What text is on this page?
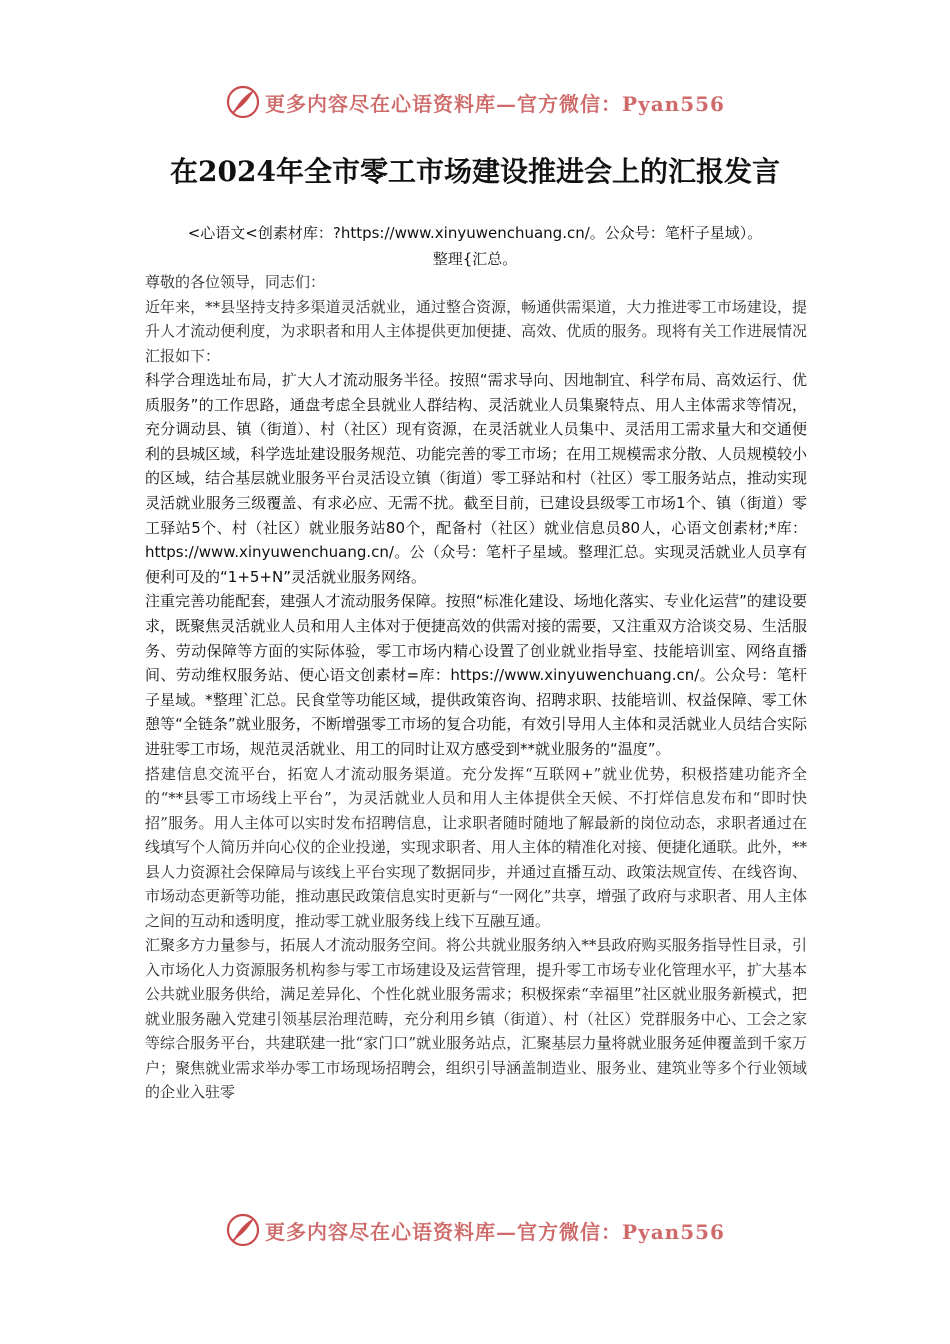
更多内容尽在心语资料库—官方微信：Pyan556
在2024年全市零工市场建设推进会上的汇报发言
<心语文<创素材库：?https://www.xinyuwenchuang.cn/。公众号：笔杆子星域）。
整理{汇总。

尊敬的各位领导，同志们：

近年来，**县坚持支持多渠道灵活就业，通过整合资源，畅通供需渠道，大力推进零工市场建设，提升人才流动便利度，为求职者和用人主体提供更加便捷、高效、优质的服务。现将有关工作进展情况汇报如下：

科学合理选址布局，扩大人才流动服务半径。按照“需求导向、因地制宜、科学布局、高效运行、优质服务”的工作思路，通盘考虑全县就业人群结构、灵活就业人员集聚特点、用人主体需求等情况，充分调动县、镇（街道）、村（社区）现有资源，在灵活就业人员集中、灵活用工需求量大和交通便利的县城区域，科学选址建设服务规范、功能完善的零工市场；在用工规模需求分散、人员规模较小的区域，结合基层就业服务平台灵活设立镇（街道）零工驿站和村（社区）零工服务站点，推动实现灵活就业服务三级覆盖、有求必应、无需不扰。截至目前，已建设县级零工市场1个、镇（街道）零工驿站5个、村（社区）就业服务站80个，配备村（社区）就业信息员80人，心语文创素材;*库：https://www.xinyuwenchuang.cn/。公（众号：笔杆子星域。整理汇总。实现灵活就业人员享有便利可及的“1+5+N”灵活就业服务网络。

注重完善功能配套，建强人才流动服务保障。按照“标准化建设、场地化落实、专业化运营”的建设要求，既聚焦灵活就业人员和用人主体对于便捷高效的供需对接的需要，又注重双方洽谈交易、生活服务、劳动保障等方面的实际体验，零工市场内精心设置了创业就业指导室、技能培训室、网络直播间、劳动维权服务站、便心语文创素材=库：https://www.xinyuwenchuang.cn/。公众号：笔杆子星域。*整理`汇总。民食堂等功能区域，提供政策咨询、招聘求职、技能培训、权益保障、零工休憩等“全链条”就业服务，不断增强零工市场的复合功能，有效引导用人主体和灵活就业人员结合实际进驻零工市场，规范灵活就业、用工的同时让双方感受到**就业服务的“温度”。

搭建信息交流平台，拓宽人才流动服务渠道。充分发挥“互联网+”就业优势，积极搭建功能齐全的“**县零工市场线上平台”，为灵活就业人员和用人主体提供全天候、不打烊信息发布和“即时快招”服务。用人主体可以实时发布招聘信息，让求职者随时随地了解最新的岗位动态，求职者通过在线填写个人简历并向心仪的企业投递，实现求职者、用人主体的精准化对接、便捷化通联。此外，**县人力资源社会保障局与该线上平台实现了数据同步，并通过直播互动、政策法规宣传、在线咨询、市场动态更新等功能，推动惠民政策信息实时更新与“一网化”共享，增强了政府与求职者、用人主体之间的互动和透明度，推动零工就业服务线上线下互融互通。

汇聚多方力量参与，拓展人才流动服务空间。将公共就业服务纳入**县政府购买服务指导性目录，引入市场化人力资源服务机构参与零工市场建设及运营管理，提升零工市场专业化管理水平，扩大基本公共就业服务供给，满足差异化、个性化就业服务需求；积极探索“幸福里”社区就业服务新模式，把就业服务融入党建引领基层治理范畴，充分利用乡镇（街道）、村（社区）党群服务中心、工会之家等综合服务平台，共建联建一批“家门口”就业服务站点，汇聚基层力量将就业服务延伸覆盖到千家万户；聚焦就业需求举办零工市场现场招聘会，组织引导涵盖制造业、服务业、建筑业等多个行业领域的企业入驻零

更多内容尽在心语资料库—官方微信：Pyan556
